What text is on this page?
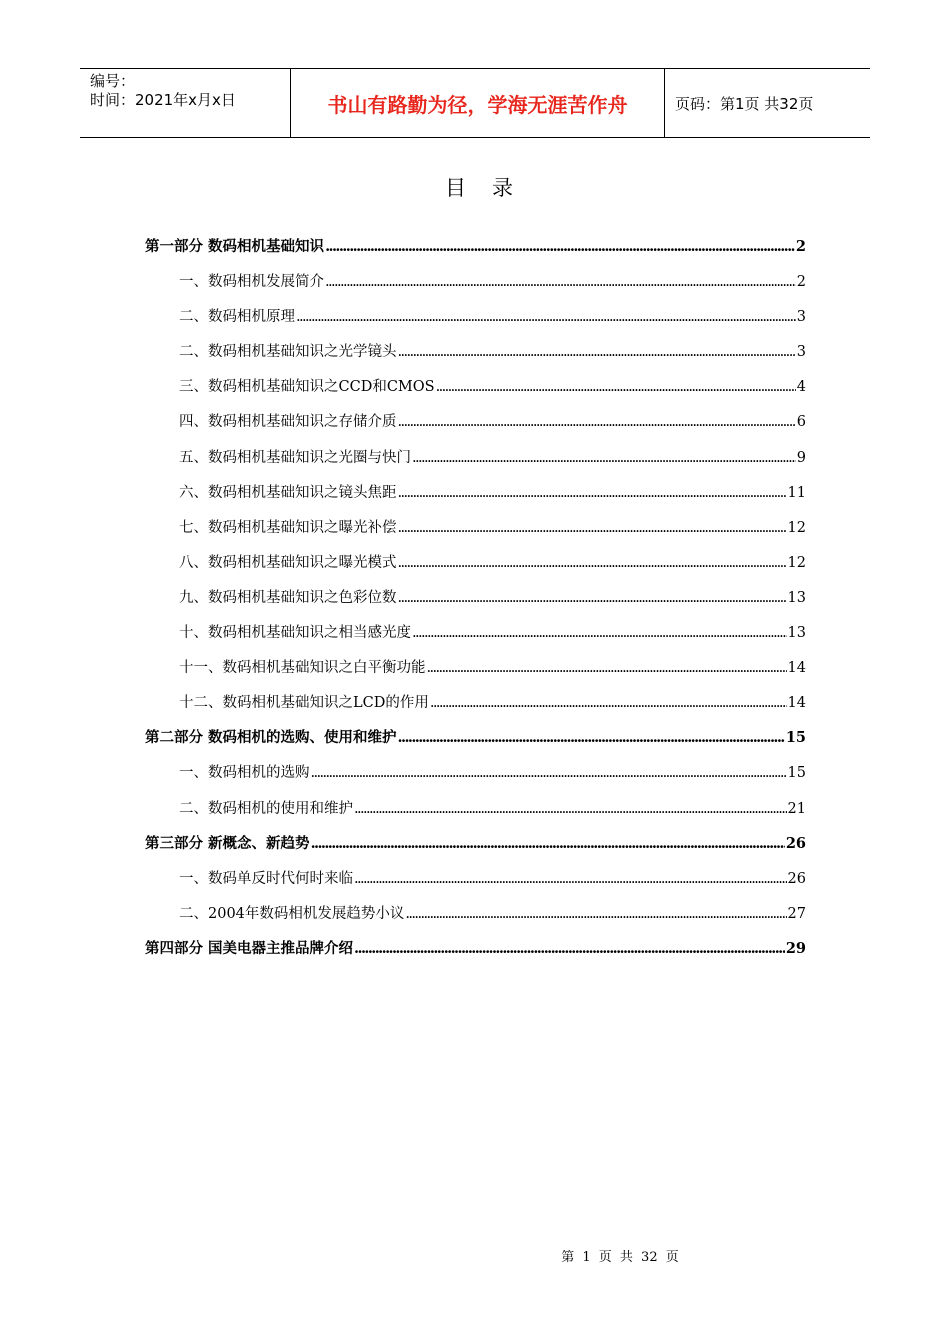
编号：
时间：2021年x月x日	书山有路勤为径，学海无涯苦作舟	页码：第1页 共32页
目录
第一部分 数码相机基础知识 .....	2
一、数码相机发展简介 .....	2
二、数码相机原理 .....	3
二、数码相机基础知识之光学镜头 .....	3
三、数码相机基础知识之CCD和CMOS .....	4
四、数码相机基础知识之存储介质 .....	6
五、数码相机基础知识之光圈与快门 .....	9
六、数码相机基础知识之镜头焦距 .....	11
七、数码相机基础知识之曝光补偿 .....	12
八、数码相机基础知识之曝光模式 .....	12
九、数码相机基础知识之色彩位数 .....	13
十、数码相机基础知识之相当感光度 .....	13
十一、数码相机基础知识之白平衡功能 .....	14
十二、数码相机基础知识之LCD的作用 .....	14
第二部分 数码相机的选购、使用和维护 .....	15
一、数码相机的选购 .....	15
二、数码相机的使用和维护 .....	21
第三部分 新概念、新趋势 .....	26
一、数码单反时代何时来临 .....	26
二、2004年数码相机发展趋势小议 .....	27
第四部分 国美电器主推品牌介绍 .....	29
第 1 页 共 32 页
